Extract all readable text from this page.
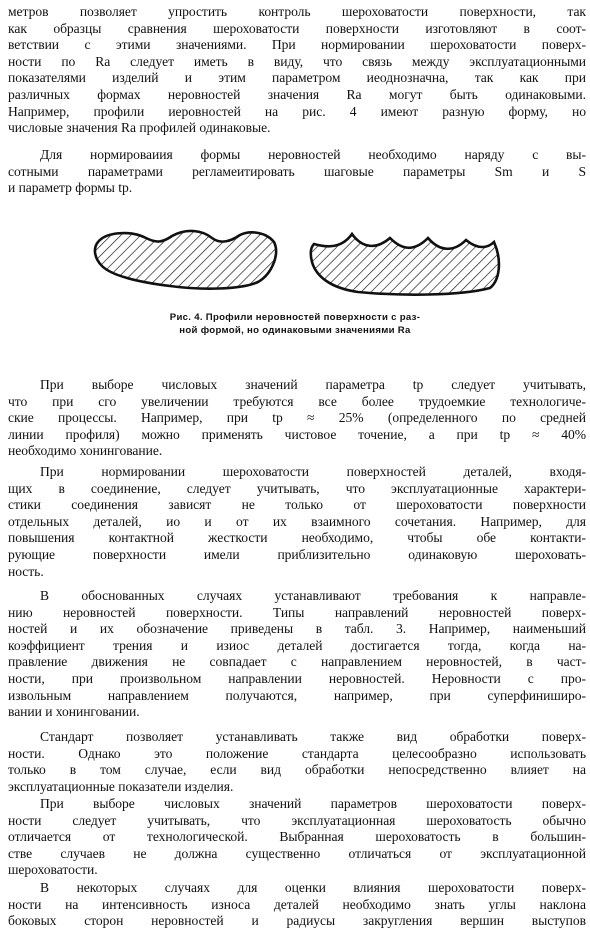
метров позволяет упростить контроль шероховатости поверхности, так
как образцы сравнения шероховатости поверхности изготовляют в соот-
ветствии с этими значениями. При нормировании шероховатости поверх-
ности по Ra следует иметь в виду, что связь между эксплуатационными
показателями изделий и этим параметром иеоднозначна, так как при
различных формах неровностей значения Ra могут быть одинаковыми.
Например, профили иеровностей на рис. 4 имеют разную форму, но
числовые значения Ra профилей одинаковые.
Для нормироваиия формы неровностей необходимо наряду с вы-
сотными параметрами регламеитировать шаговые параметры Sm и S
и параметр формы tp.

Рис. 4. Профили неровностей поверхности с раз-
ной формой, но одинаковыми значениями Ra

При выборе числовых значений параметра tp следует учитывать,
что при сго увеличении требуются все более трудоемкие технологиче-
ские процессы. Например, при tp ≈ 25% (определенного по средней
линии профиля) можно применять чистовое точение, а при tp ≈ 40%
необходимо хонингование.
При нормировании шероховатости поверхностей деталей, входя-
щих в соединение, следует учитывать, что эксплуатационные характери-
стики соединения зависят не только от шероховатости поверхности
отдельных деталей, ио и от их взаимного сочетания. Например, для
повышения контактной жесткости необходимо, чтобы обе контакти-
рующие поверхности имели приблизительно одинаковую шероховать-
ность.
В обоснованных случаях устанавливают требования к направле-
нию неровностей поверхности. Типы направлений неровностей поверх-
ностей и их обозначение приведены в табл. 3. Например, наименьший
коэффициент трения и изиос деталей достигается тогда, когда на-
правление движения не совпадает с направлением неровностей, в част-
ности, при произвольном направлении неровностей. Неровности с про-
извольным направлением получаются, например, при суперфиниширо-
вании и хонинговании.
Стандарт позволяет устанавливать также вид обработки поверх-
ности. Однако это положение стандарта целесообразно использовать
только в том случае, если вид обработки непосредственно влияет на
эксплуатационные показатели изделия.
При выборе числовых значений параметров шероховатости поверх-
ности следует учитывать, что эксплуатационная шероховатость обычно
отличается от технологической. Выбранная шероховатость в большин-
стве случаев не должна существенно отличаться от эксплуатационной
шероховатости.
В некоторых случаях для оценки влияния шероховатости поверх-
ности на интенсивность износа деталей необходимо знать углы наклона
боковых сторон неровностей и радиусы закругления вершин выступов
